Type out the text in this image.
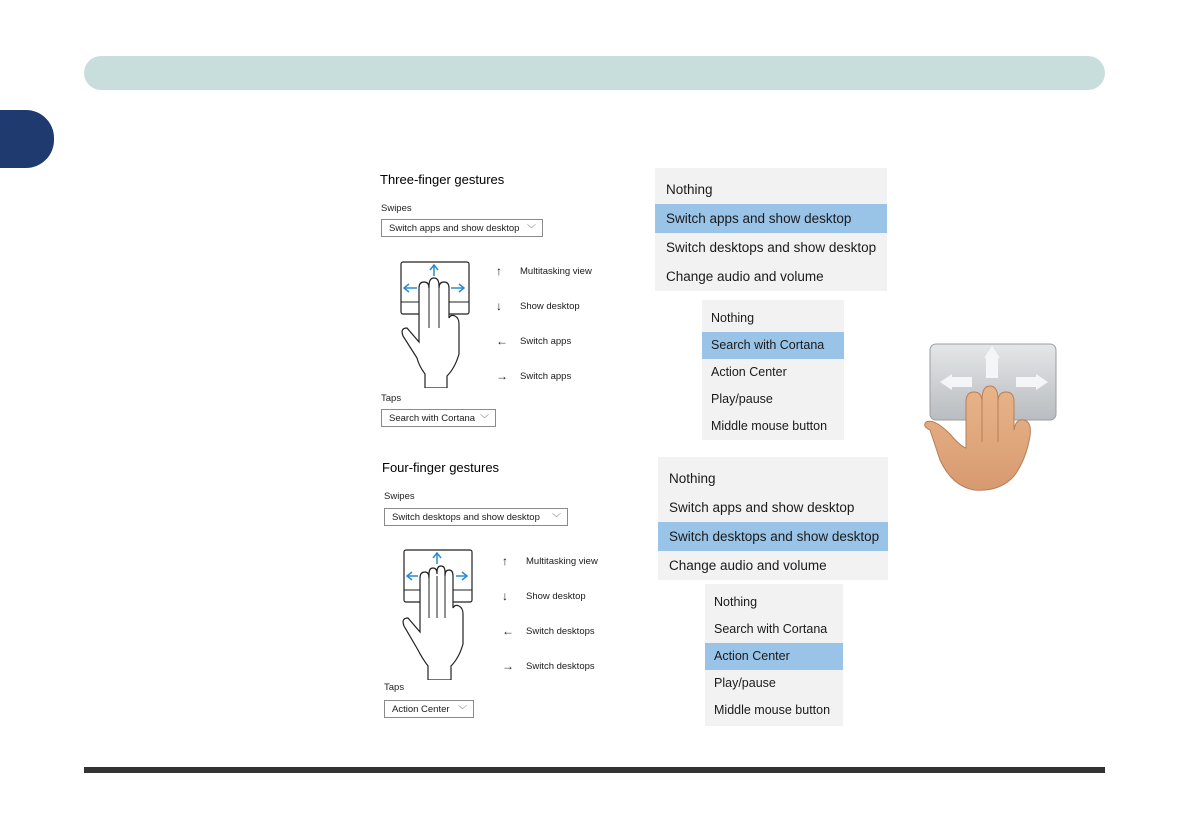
Three-finger gestures
Swipes
Switch apps and show desktop ﹀
↑	Multitasking view
↓	Show desktop
← Switch apps
→ Switch apps
Taps
Search with Cortana ﹀
Four-finger gestures
Swipes
Switch desktops and show desktop ﹀
↑	Multitasking view
↓	Show desktop
← Switch desktops
→ Switch desktops
Taps
Action Center ﹀
Nothing
Switch apps and show desktop
Switch desktops and show desktop
Change audio and volume
Nothing
Search with Cortana
Action Center
Play/pause
Middle mouse button
Nothing
Switch apps and show desktop
Switch desktops and show desktop
Change audio and volume
Nothing
Search with Cortana
Action Center
Play/pause
Middle mouse button
